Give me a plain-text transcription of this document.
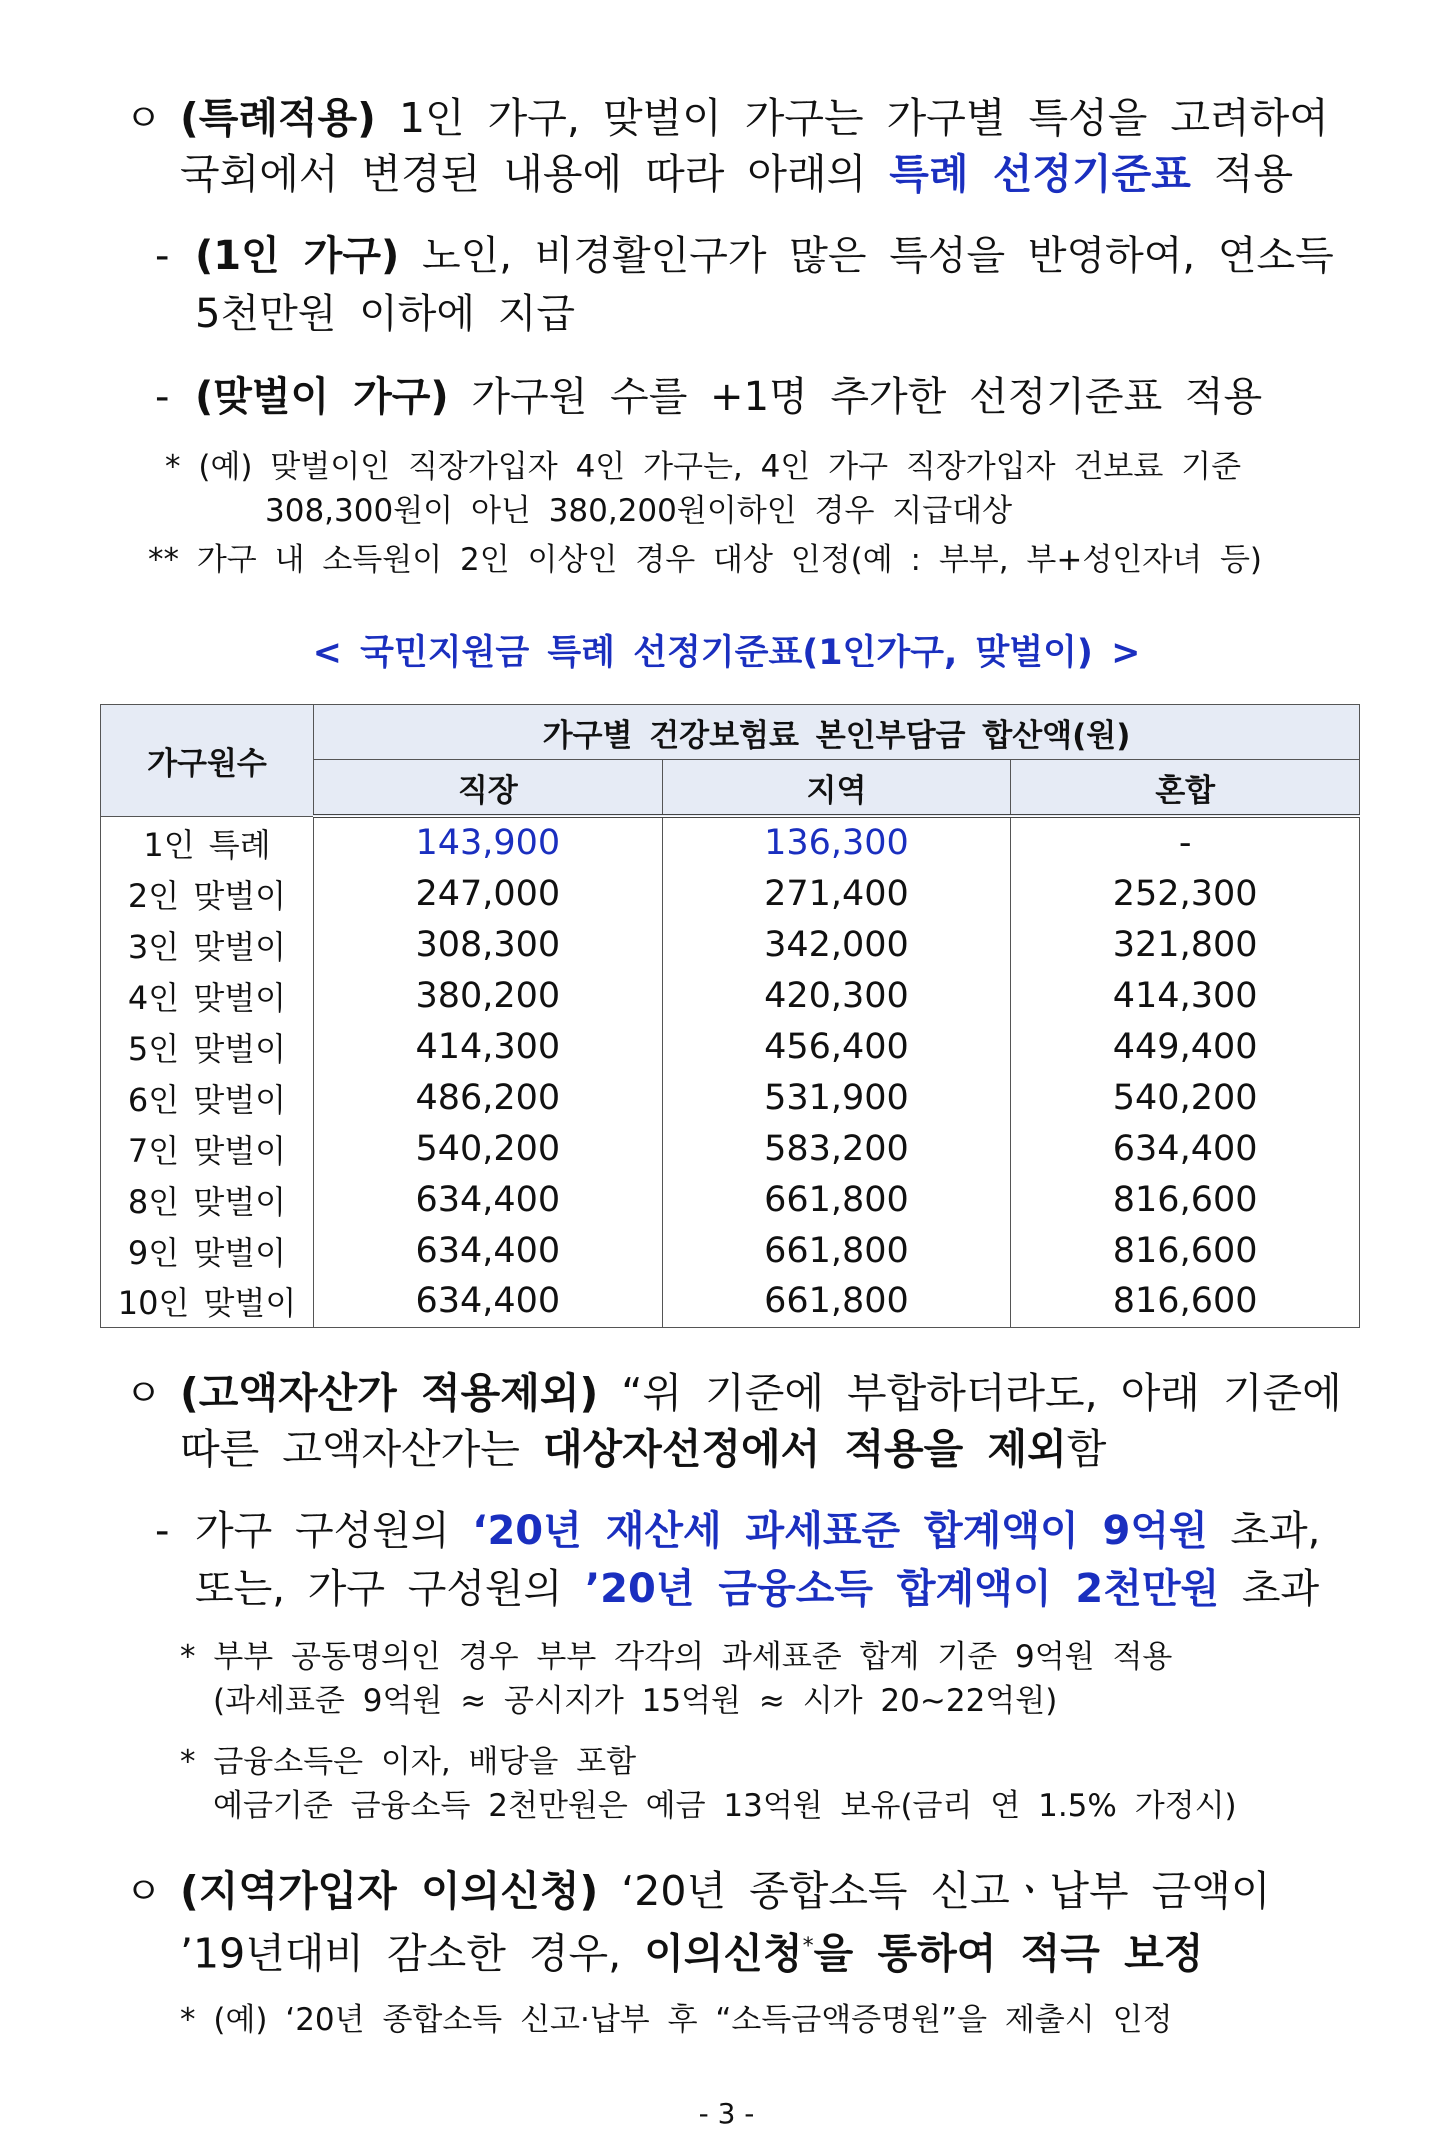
ㅇ (특례적용) 1인 가구, 맞벌이 가구는 가구별 특성을 고려하여
국회에서 변경된 내용에 따라 아래의 특례 선정기준표 적용
- (1인 가구) 노인, 비경활인구가 많은 특성을 반영하여, 연소득
5천만원 이하에 지급
- (맞벌이 가구) 가구원 수를 +1명 추가한 선정기준표 적용
* (예) 맞벌이인 직장가입자 4인 가구는, 4인 가구 직장가입자 건보료 기준
308,300원이 아닌 380,200원이하인 경우 지급대상
** 가구 내 소득원이 2인 이상인 경우 대상 인정(예 : 부부, 부+성인자녀 등)
< 국민지원금 특례 선정기준표(1인가구, 맞벌이) >
가구원수	가구별 건강보험료 본인부담금 합산액(원)		
	직장	지역	혼합
1인 특례	143,900	136,300	-
2인 맞벌이	247,000	271,400	252,300
3인 맞벌이	308,300	342,000	321,800
4인 맞벌이	380,200	420,300	414,300
5인 맞벌이	414,300	456,400	449,400
6인 맞벌이	486,200	531,900	540,200
7인 맞벌이	540,200	583,200	634,400
8인 맞벌이	634,400	661,800	816,600
9인 맞벌이	634,400	661,800	816,600
10인 맞벌이	634,400	661,800	816,600
ㅇ (고액자산가 적용제외) “위 기준에 부합하더라도, 아래 기준에
따른 고액자산가는 대상자선정에서 적용을 제외함
- 가구 구성원의 ‘20년 재산세 과세표준 합계액이 9억원 초과,
또는, 가구 구성원의 ’20년 금융소득 합계액이 2천만원 초과
* 부부 공동명의인 경우 부부 각각의 과세표준 합계 기준 9억원 적용
(과세표준 9억원 ≈ 공시지가 15억원 ≈ 시가 20~22억원)
* 금융소득은 이자, 배당을 포함
예금기준 금융소득 2천만원은 예금 13억원 보유(금리 연 1.5% 가정시)
ㅇ (지역가입자 이의신청) ‘20년 종합소득 신고ㆍ납부 금액이
’19년대비 감소한 경우, 이의신청*을 통하여 적극 보정
* (예) ‘20년 종합소득 신고·납부 후 “소득금액증명원”을 제출시 인정
- 3 -
